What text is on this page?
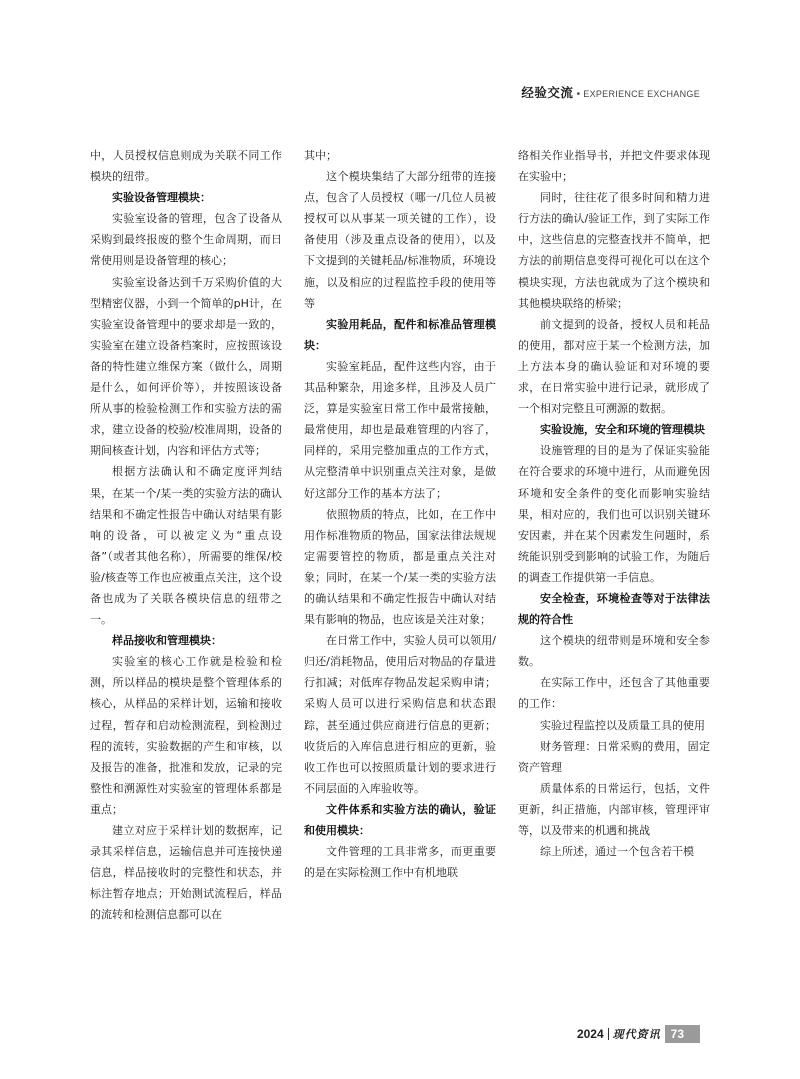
经验交流 • EXPERIENCE EXCHANGE

中，人员授权信息则成为关联不同工作模块的纽带。

实验设备管理模块：

实验室设备的管理，包含了设备从采购到最终报废的整个生命周期，而日常使用则是设备管理的核心；

实验室设备达到千万采购价值的大型精密仪器，小到一个简单的pH计，在实验室设备管理中的要求却是一致的，实验室在建立设备档案时，应按照该设备的特性建立维保方案（做什么，周期是什么，如何评价等），并按照该设备所从事的检验检测工作和实验方法的需求，建立设备的校验/校准周期，设备的期间核查计划，内容和评估方式等；

根据方法确认和不确定度评判结果，在某一个/某一类的实验方法的确认结果和不确定性报告中确认对结果有影响的设备，可以被定义为“重点设备”（或者其他名称），所需要的维保/校验/核查等工作也应被重点关注，这个设备也成为了关联各模块信息的纽带之一。

样品接收和管理模块：

实验室的核心工作就是检验和检测，所以样品的模块是整个管理体系的核心，从样品的采样计划，运输和接收过程，暂存和启动检测流程，到检测过程的流转，实验数据的产生和审核，以及报告的准备，批准和发放，记录的完整性和溯源性对实验室的管理体系都是重点；

建立对应于采样计划的数据库，记录其采样信息，运输信息并可连接快递信息，样品接收时的完整性和状态，并标注暂存地点；开始测试流程后，样品的流转和检测信息都可以在

其中；

这个模块集结了大部分纽带的连接点，包含了人员授权（哪一/几位人员被授权可以从事某一项关键的工作），设备使用（涉及重点设备的使用），以及下文提到的关键耗品/标准物质，环境设施，以及相应的过程监控手段的使用等等

实验用耗品，配件和标准品管理模块：

实验室耗品，配件这些内容，由于其品种繁杂，用途多样，且涉及人员广泛，算是实验室日常工作中最常接触，最常使用，却也是最难管理的内容了，同样的，采用完整加重点的工作方式，从完整清单中识别重点关注对象，是做好这部分工作的基本方法了；

依照物质的特点，比如，在工作中用作标准物质的物品，国家法律法规规定需要管控的物质，都是重点关注对象；同时，在某一个/某一类的实验方法的确认结果和不确定性报告中确认对结果有影响的物品，也应该是关注对象；

在日常工作中，实验人员可以领用/归还/消耗物品，使用后对物品的存量进行扣减；对低库存物品发起采购申请；采购人员可以进行采购信息和状态跟踪，甚至通过供应商进行信息的更新；收货后的入库信息进行相应的更新，验收工作也可以按照质量计划的要求进行不同层面的入库验收等。

文件体系和实验方法的确认，验证和使用模块：

文件管理的工具非常多，而更重要的是在实际检测工作中有机地联

络相关作业指导书，并把文件要求体现在实验中；

同时，往往花了很多时间和精力进行方法的确认/验证工作，到了实际工作中，这些信息的完整查找并不简单，把方法的前期信息变得可视化可以在这个模块实现，方法也就成为了这个模块和其他模块联络的桥梁；

前文提到的设备，授权人员和耗品的使用，都对应于某一个检测方法，加上方法本身的确认验证和对环境的要求，在日常实验中进行记录，就形成了一个相对完整且可溯源的数据。

实验设施，安全和环境的管理模块

设施管理的目的是为了保证实验能在符合要求的环境中进行，从而避免因环境和安全条件的变化而影响实验结果，相对应的，我们也可以识别关键环安因素，并在某个因素发生问题时，系统能识别受到影响的试验工作，为随后的调查工作提供第一手信息。

安全检查，环境检查等对于法律法规的符合性

这个模块的纽带则是环境和安全参数。

在实际工作中，还包含了其他重要的工作：

实验过程监控以及质量工具的使用

财务管理：日常采购的费用，固定资产管理

质量体系的日常运行，包括，文件更新，纠正措施，内部审核，管理评审等，以及带来的机遇和挑战

综上所述，通过一个包含若干模

2024 现代资讯 73
